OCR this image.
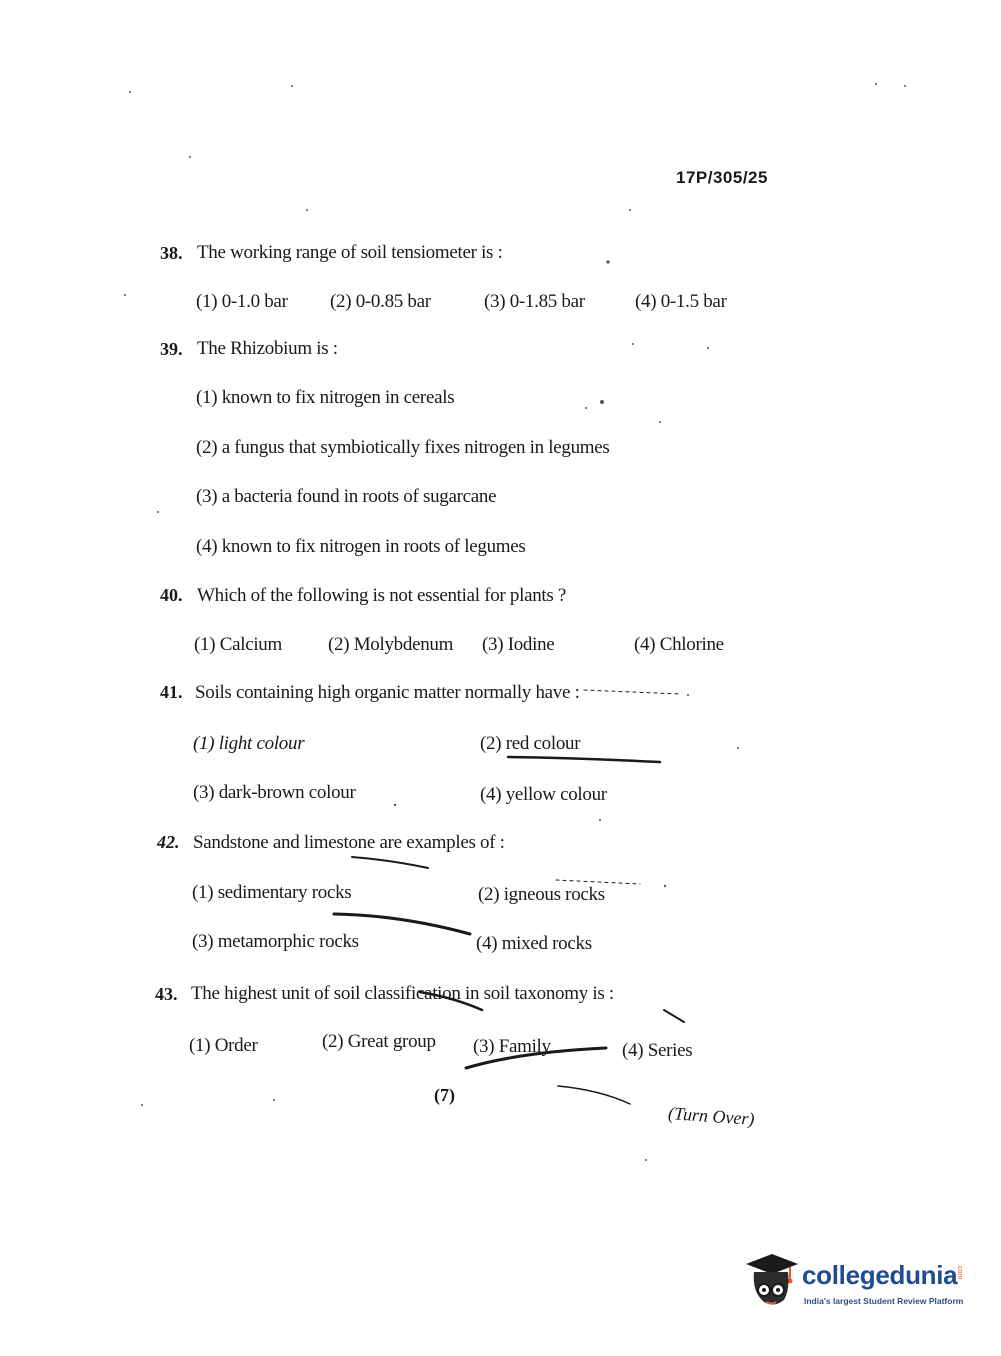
17P/305/25
38. The working range of soil tensiometer is :
(1) 0-1.0 bar (2) 0-0.85 bar	(3) 0-1.85 bar	(4) 0-1.5 bar
39. The Rhizobium is :
(1) known to fix nitrogen in cereals
(2) a fungus that symbiotically fixes nitrogen in legumes
(3) a bacteria found in roots of sugarcane
(4) known to fix nitrogen in roots of legumes
40. Which of the following is not essential for plants ?
(1) Calcium (2) Molybdenum (3) Iodine	(4) Chlorine
41. Soils containing high organic matter normally have :
(1) light colour	(2) red colour
(3) dark-brown colour	(4) yellow colour
42. Sandstone and limestone are examples of :
(1) sedimentary rocks	(2) igneous rocks
(3) metamorphic rocks	(4) mixed rocks
43. The highest unit of soil classification in soil taxonomy is :
(1) Order	(2) Great group (3) Family	(4) Series
(7)
(Turn Over)
collegedunia
.com
India's largest Student Review Platform
